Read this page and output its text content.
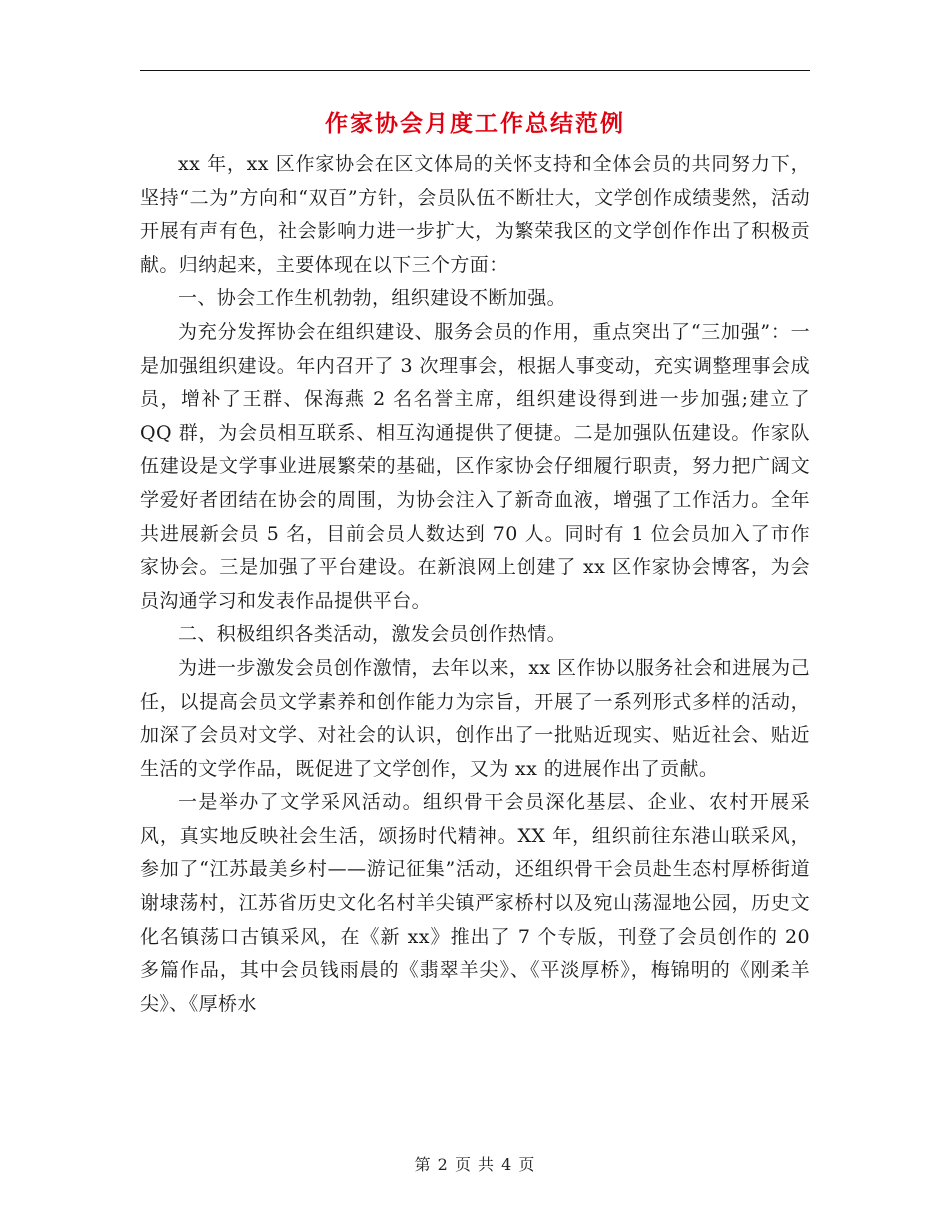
作家协会月度工作总结范例

xx 年，xx 区作家协会在区文体局的关怀支持和全体会员的共同努力下，坚持“二为”方向和“双百”方针，会员队伍不断壮大，文学创作成绩斐然，活动开展有声有色，社会影响力进一步扩大，为繁荣我区的文学创作作出了积极贡献。归纳起来，主要体现在以下三个方面：

一、协会工作生机勃勃，组织建设不断加强。

为充分发挥协会在组织建设、服务会员的作用，重点突出了“三加强”：一是加强组织建设。年内召开了 3 次理事会，根据人事变动，充实调整理事会成员，增补了王群、保海燕 2 名名誉主席，组织建设得到进一步加强;建立了 QQ 群，为会员相互联系、相互沟通提供了便捷。二是加强队伍建设。作家队伍建设是文学事业进展繁荣的基础，区作家协会仔细履行职责，努力把广阔文学爱好者团结在协会的周围，为协会注入了新奇血液，增强了工作活力。全年共进展新会员 5 名，目前会员人数达到 70 人。同时有 1 位会员加入了市作家协会。三是加强了平台建设。在新浪网上创建了 xx 区作家协会博客，为会员沟通学习和发表作品提供平台。

二、积极组织各类活动，激发会员创作热情。

为进一步激发会员创作激情，去年以来，xx 区作协以服务社会和进展为己任，以提高会员文学素养和创作能力为宗旨，开展了一系列形式多样的活动，加深了会员对文学、对社会的认识，创作出了一批贴近现实、贴近社会、贴近生活的文学作品，既促进了文学创作，又为 xx 的进展作出了贡献。

一是举办了文学采风活动。组织骨干会员深化基层、企业、农村开展采风，真实地反映社会生活，颂扬时代精神。XX 年，组织前往东港山联采风，参加了“江苏最美乡村——游记征集”活动，还组织骨干会员赴生态村厚桥街道谢埭荡村，江苏省历史文化名村羊尖镇严家桥村以及宛山荡湿地公园，历史文化名镇荡口古镇采风，在《新 xx》推出了 7 个专版，刊登了会员创作的 20 多篇作品，其中会员钱雨晨的《翡翠羊尖》、《平淡厚桥》，梅锦明的《刚柔羊尖》、《厚桥水

第 2 页 共 4 页
